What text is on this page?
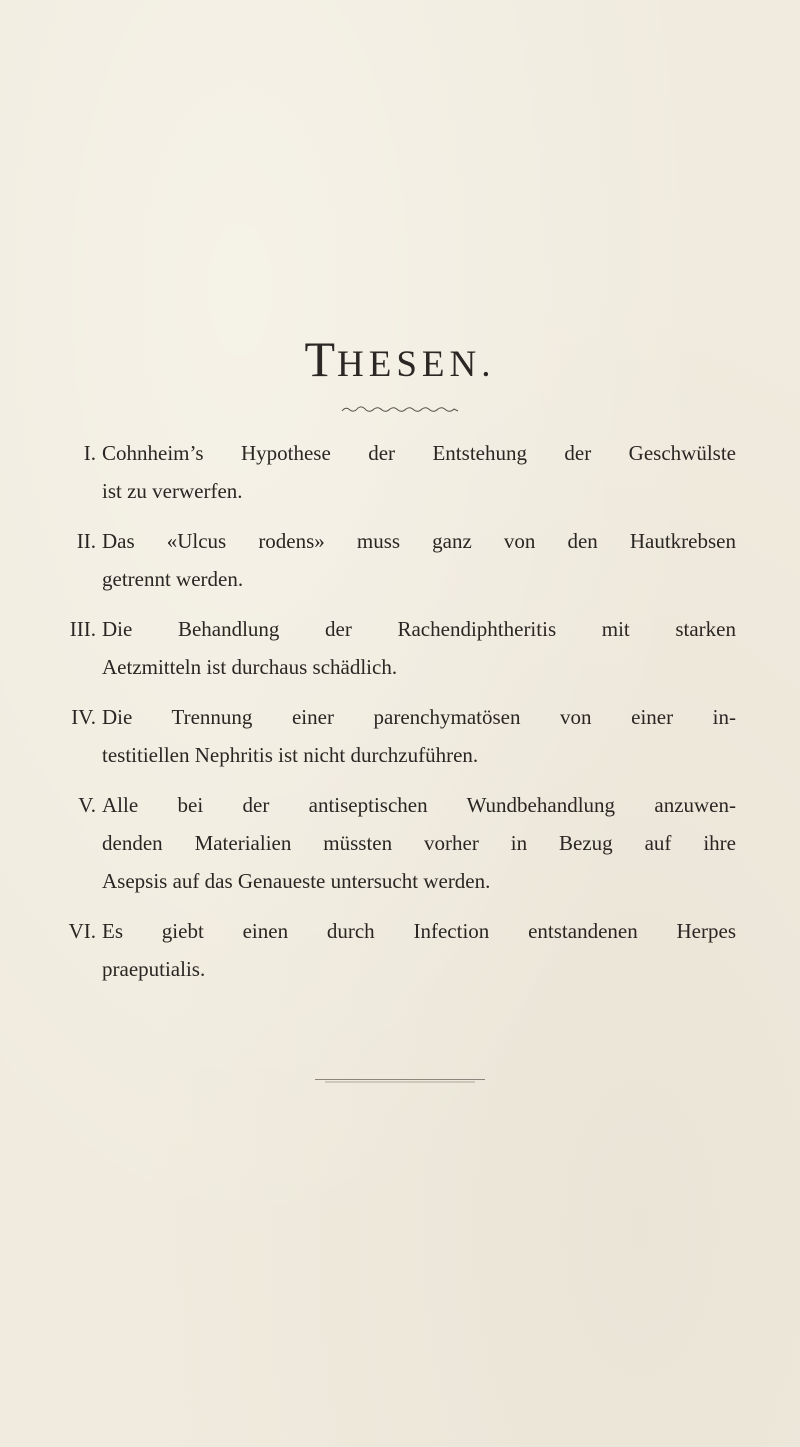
THESEN.
I. Cohnheim’s Hypothese der Entstehung der Geschwülste
ist zu verwerfen.
II. Das «Ulcus rodens» muss ganz von den Hautkrebsen
getrennt werden.
III. Die Behandlung der Rachendiphtheritis mit starken
Aetzmitteln ist durchaus schädlich.
IV. Die Trennung einer parenchymatösen von einer in-
testitiellen Nephritis ist nicht durchzuführen.
V. Alle bei der antiseptischen Wundbehandlung anzuwen-
denden Materialien müssten vorher in Bezug auf ihre
Asepsis auf das Genaueste untersucht werden.
VI. Es giebt einen durch Infection entstandenen Herpes
praeputialis.
